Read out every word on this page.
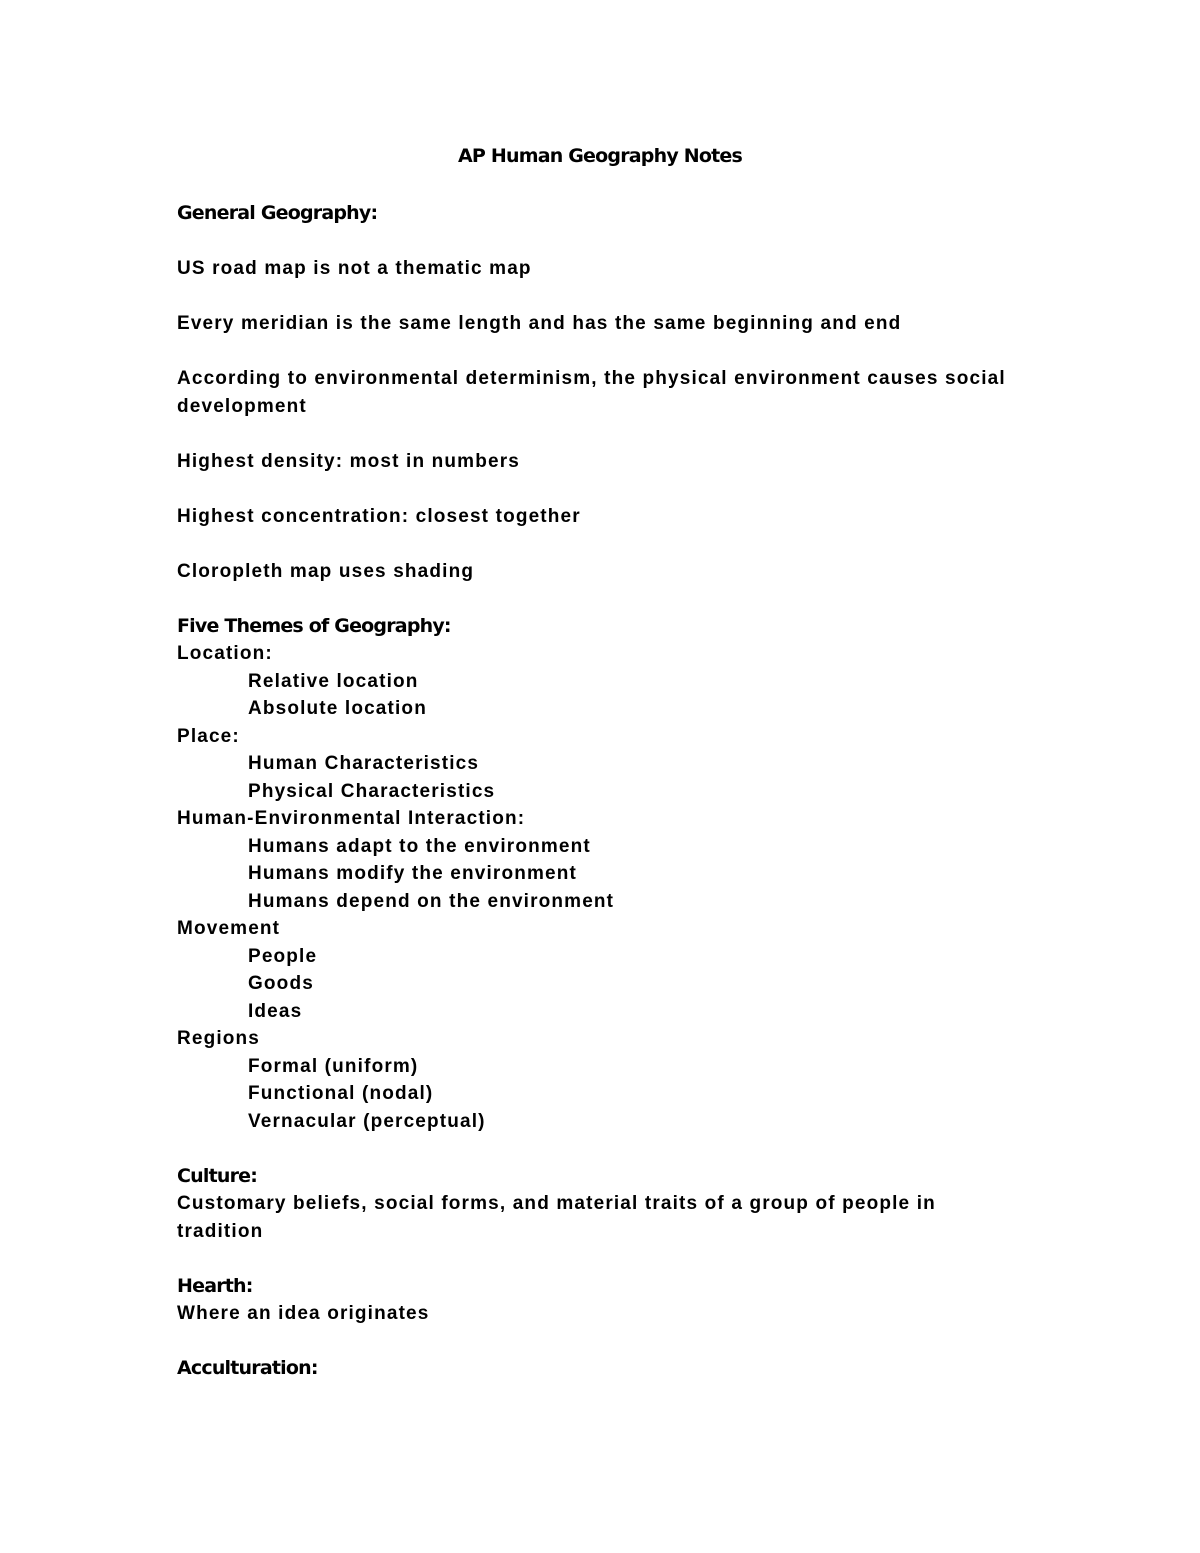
AP Human Geography Notes
General Geography:

US road map is not a thematic map

Every meridian is the same length and has the same beginning and end

According to environmental determinism, the physical environment causes social development

Highest density: most in numbers

Highest concentration: closest together

Cloropleth map uses shading

Five Themes of Geography:

Location:

Relative location
Absolute location

Place:

Human Characteristics
Physical Characteristics

Human-Environmental Interaction:

Humans adapt to the environment
Humans modify the environment
Humans depend on the environment

Movement

People
Goods
Ideas

Regions

Formal (uniform)
Functional (nodal)
Vernacular (perceptual)
Culture:

Customary beliefs, social forms, and material traits of a group of people in tradition

Hearth:

Where an idea originates

Acculturation:
